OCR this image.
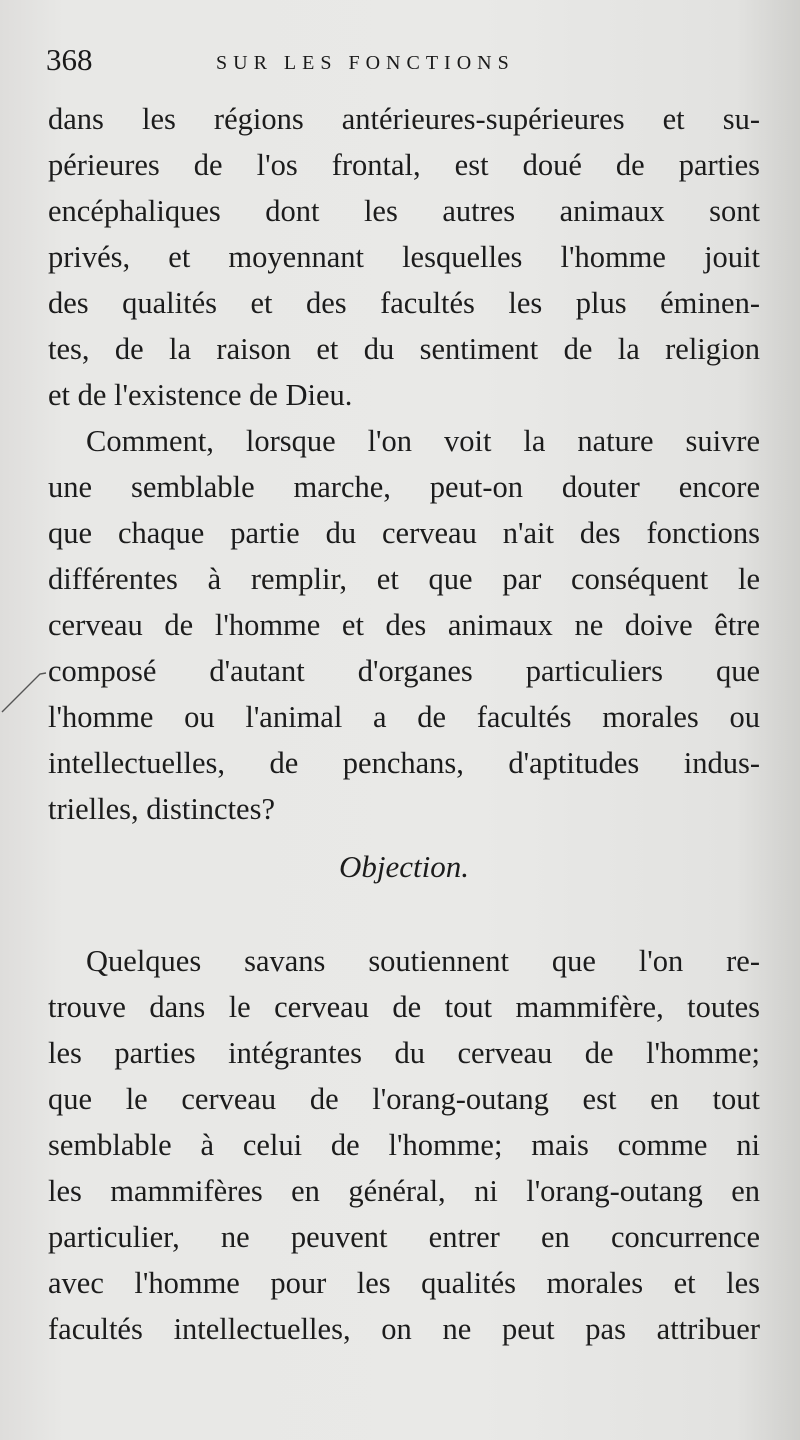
368	SUR LES FONCTIONS
dans les régions antérieures-supérieures et su-
périeures de l'os frontal, est doué de parties
encéphaliques dont les autres animaux sont
privés, et moyennant lesquelles l'homme jouit
des qualités et des facultés les plus éminen-
tes, de la raison et du sentiment de la religion
et de l'existence de Dieu.
Comment, lorsque l'on voit la nature suivre
une semblable marche, peut-on douter encore
que chaque partie du cerveau n'ait des fonctions
différentes à remplir, et que par conséquent le
cerveau de l'homme et des animaux ne doive être
composé d'autant d'organes particuliers que
l'homme ou l'animal a de facultés morales ou
intellectuelles, de penchans, d'aptitudes indus-
trielles, distinctes?
Objection.
Quelques savans soutiennent que l'on re-
trouve dans le cerveau de tout mammifère, toutes
les parties intégrantes du cerveau de l'homme;
que le cerveau de l'orang-outang est en tout
semblable à celui de l'homme; mais comme ni
les mammifères en général, ni l'orang-outang en
particulier, ne peuvent entrer en concurrence
avec l'homme pour les qualités morales et les
facultés intellectuelles, on ne peut pas attribuer
